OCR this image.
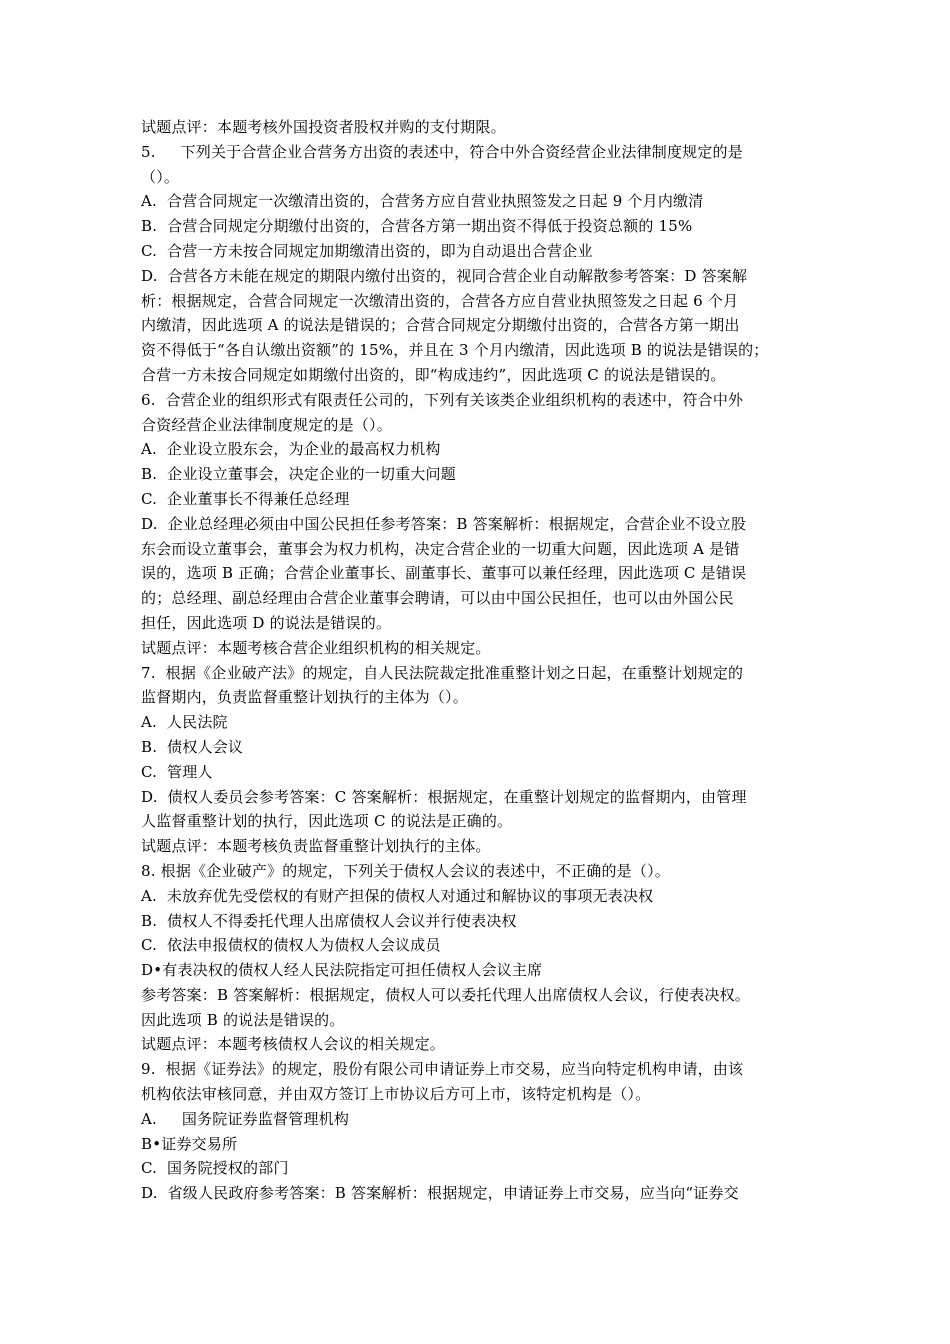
试题点评：本题考核外国投资者股权并购的支付期限。
5.     下列关于合营企业合营务方出资的表述中，符合中外合资经营企业法律制度规定的是
（）。
A.  合营合同规定一次缴清出资的，合营务方应自营业执照签发之日起 9 个月内缴清
B.  合营合同规定分期缴付出资的，合营各方第一期出资不得低于投资总额的 15%
C.  合营一方未按合同规定加期缴清出资的，即为自动退出合营企业
D.  合营各方未能在规定的期限内缴付出资的，视同合营企业自动解散参考答案：D 答案解
析：根据规定，合营合同规定一次缴清出资的，合营各方应自营业执照签发之日起 6 个月
内缴清，因此选项 A 的说法是错误的；合营合同规定分期缴付出资的，合营各方第一期出
资不得低于“各自认缴出资额”的 15%，并且在 3 个月内缴清，因此选项 B 的说法是错误的；
合营一方未按合同规定如期缴付出资的，即“构成违约”，因此选项 C 的说法是错误的。
6.  合营企业的组织形式有限责任公司的，下列有关该类企业组织机构的表述中，符合中外
合资经营企业法律制度规定的是（）。
A.  企业设立股东会，为企业的最高权力机构
B.  企业设立董事会，决定企业的一切重大问题
C.  企业董事长不得兼任总经理
D.  企业总经理必须由中国公民担任参考答案：B 答案解析：根据规定，合营企业不设立股
东会而设立董事会，董事会为权力机构，决定合营企业的一切重大问题，因此选项 A 是错
误的，选项 B 正确；合营企业董事长、副董事长、董事可以兼任经理，因此选项 C 是错误
的；总经理、副总经理由合营企业董事会聘请，可以由中国公民担任，也可以由外国公民
担任，因此选项 D 的说法是错误的。
试题点评：本题考核合营企业组织机构的相关规定。
7.  根据《企业破产法》的规定，自人民法院裁定批准重整计划之日起，在重整计划规定的
监督期内，负责监督重整计划执行的主体为（）。
A.  人民法院
B.  债权人会议
C.  管理人
D.  债权人委员会参考答案：C 答案解析：根据规定，在重整计划规定的监督期内，由管理
人监督重整计划的执行，因此选项 C 的说法是正确的。
试题点评：本题考核负责监督重整计划执行的主体。
8. 根据《企业破产》的规定，下列关于债权人会议的表述中，不正确的是（）。
A.  未放弃优先受偿权的有财产担保的债权人对通过和解协议的事项无表决权
B.  债权人不得委托代理人出席债权人会议并行使表决权
C.  依法申报债权的债权人为债权人会议成员
D•有表决权的债权人经人民法院指定可担任债权人会议主席
参考答案：B 答案解析：根据规定，债权人可以委托代理人出席债权人会议，行使表决权。
因此选项 B 的说法是错误的。
试题点评：本题考核债权人会议的相关规定。
9.  根据《证券法》的规定，股份有限公司申请证券上市交易，应当向特定机构申请，由该
机构依法审核同意，并由双方签订上市协议后方可上市，该特定机构是（）。
A.     国务院证券监督管理机构
B•证券交易所
C.  国务院授权的部门
D.  省级人民政府参考答案：B 答案解析：根据规定，申请证券上市交易，应当向“证券交
